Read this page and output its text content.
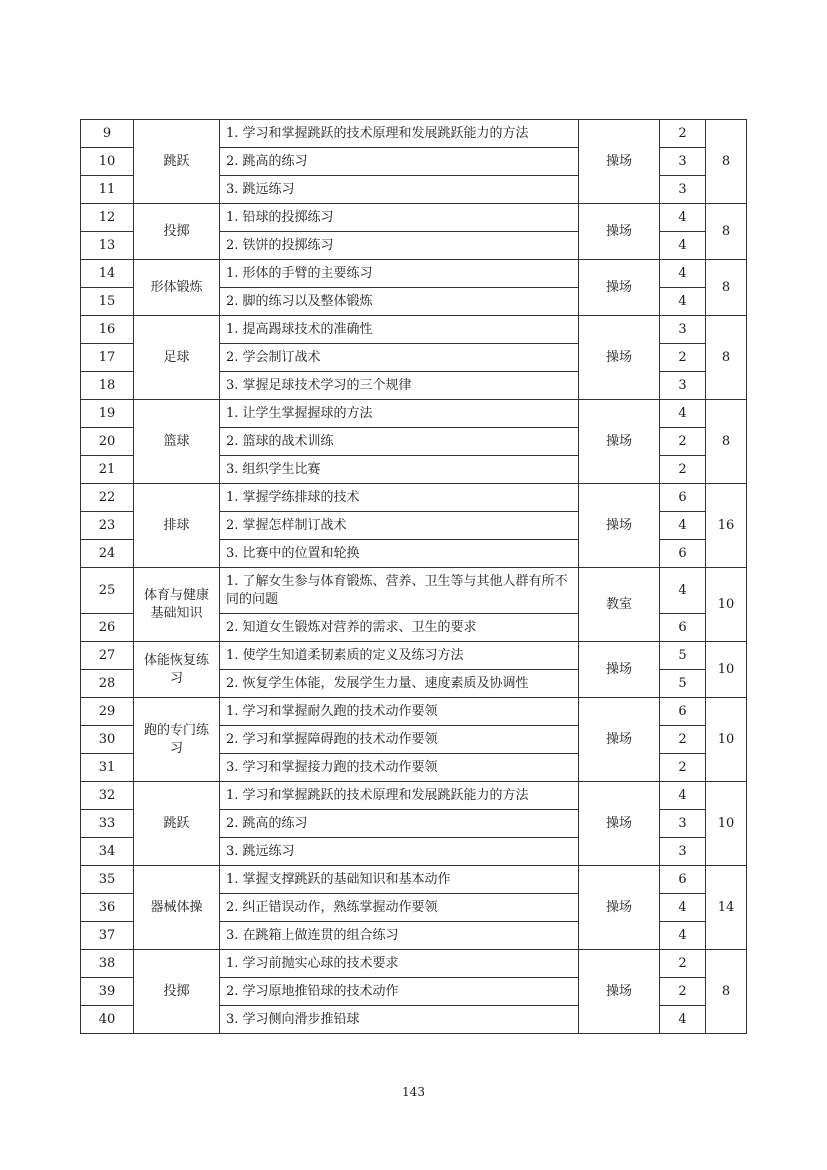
9	跳跃	1. 学习和掌握跳跃的技术原理和发展跳跃能力的方法	操场	2	8
10		2. 跳高的练习		3	
11		3. 跳远练习		3	
12	投掷	1. 铅球的投掷练习	操场	4	8
13		2. 铁饼的投掷练习		4	
14	形体锻炼	1. 形体的手臂的主要练习	操场	4	8
15		2. 脚的练习以及整体锻炼		4	
16	足球	1. 提高踢球技术的准确性	操场	3	8
17		2. 学会制订战术		2	
18		3. 掌握足球技术学习的三个规律		3	
19	篮球	1. 让学生掌握握球的方法	操场	4	8
20		2. 篮球的战术训练		2	
21		3. 组织学生比赛		2	
22	排球	1. 掌握学练排球的技术	操场	6	16
23		2. 掌握怎样制订战术		4	
24		3. 比赛中的位置和轮换		6	
25	体育与健康基础知识	1. 了解女生参与体育锻炼、营养、卫生等与其他人群有所不同的问题	教室	4	10
26		2. 知道女生锻炼对营养的需求、卫生的要求		6	
27	体能恢复练习	1. 使学生知道柔韧素质的定义及练习方法	操场	5	10
28		2. 恢复学生体能，发展学生力量、速度素质及协调性		5	
29	跑的专门练习	1. 学习和掌握耐久跑的技术动作要领	操场	6	10
30		2. 学习和掌握障碍跑的技术动作要领		2	
31		3. 学习和掌握接力跑的技术动作要领		2	
32	跳跃	1. 学习和掌握跳跃的技术原理和发展跳跃能力的方法	操场	4	10
33		2. 跳高的练习		3	
34		3. 跳远练习		3	
35	器械体操	1. 掌握支撑跳跃的基础知识和基本动作	操场	6	14
36		2. 纠正错误动作，熟练掌握动作要领		4	
37		3. 在跳箱上做连贯的组合练习		4	
38	投掷	1. 学习前抛实心球的技术要求	操场	2	8
39		2. 学习原地推铅球的技术动作		2	
40		3. 学习侧向滑步推铅球		4	
143
